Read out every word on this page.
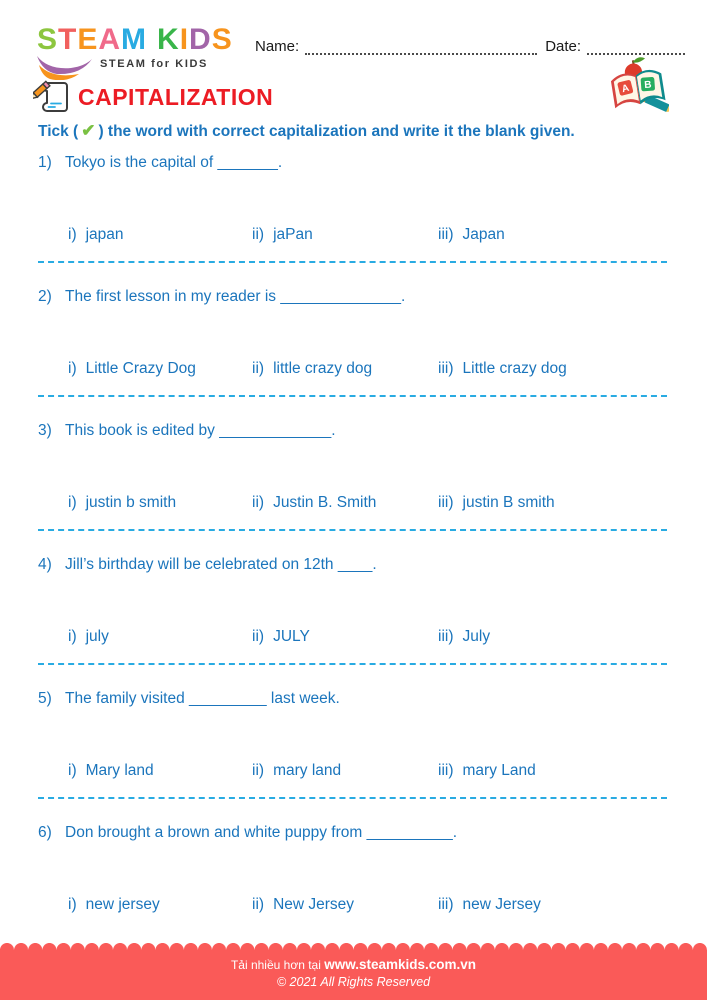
STEAM KIDS
STEAM for KIDS
Name:	Date:
CAPITALIZATION	A B
Tick ( ✔ ) the word with correct capitalization and write it the blank given.
1) Tokyo is the capital of _______.
i) japan	ii) jaPan	iii) Japan
2) The first lesson in my reader is ______________.
i) Little Crazy Dog	ii) little crazy dog	iii) Little crazy dog
3) This book is edited by _____________.
i) justin b smith	ii) Justin B. Smith	iii) justin B smith
4) Jill’s birthday will be celebrated on 12th ____.
i) july	ii) JULY	iii) July
5) The family visited _________ last week.
i) Mary land	ii) mary land	iii) mary Land
6) Don brought a brown and white puppy from __________.
i) new jersey	ii) New Jersey	iii) new Jersey
Tải nhiều hơn tại www.steamkids.com.vn
© 2021 All Rights Reserved
